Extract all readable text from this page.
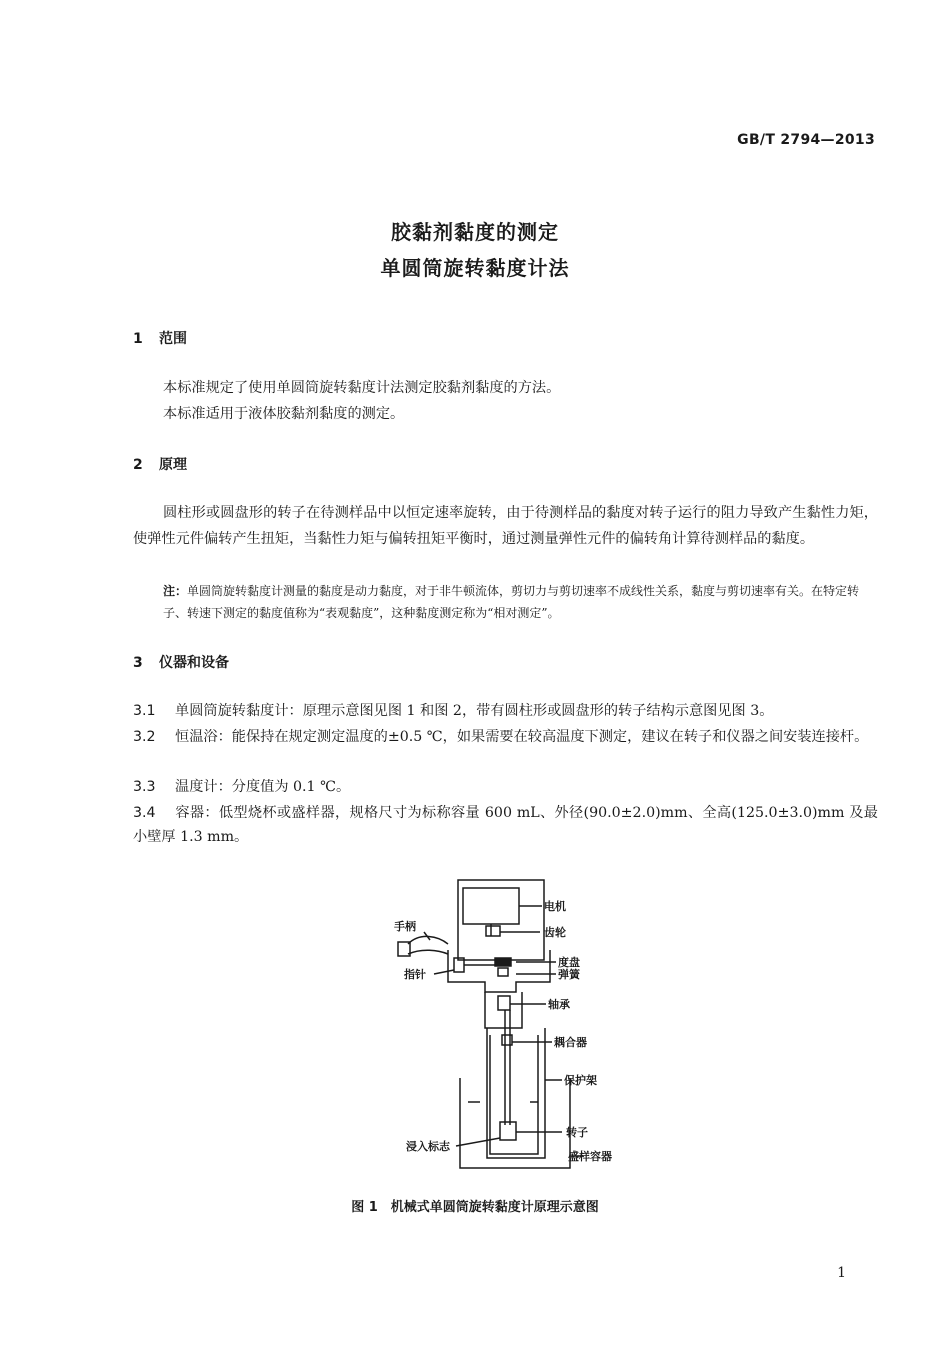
GB/T 2794—2013
胶黏剂黏度的测定
单圆筒旋转黏度计法
1 范围
本标准规定了使用单圆筒旋转黏度计法测定胶黏剂黏度的方法。
本标准适用于液体胶黏剂黏度的测定。
2 原理
圆柱形或圆盘形的转子在待测样品中以恒定速率旋转，由于待测样品的黏度对转子运行的阻力导致产生黏性力矩，使弹性元件偏转产生扭矩，当黏性力矩与偏转扭矩平衡时，通过测量弹性元件的偏转角计算待测样品的黏度。
注：单圆筒旋转黏度计测量的黏度是动力黏度，对于非牛顿流体，剪切力与剪切速率不成线性关系，黏度与剪切速率有关。在特定转子、转速下测定的黏度值称为“表观黏度”，这种黏度测定称为“相对测定”。
3 仪器和设备
3.1 单圆筒旋转黏度计：原理示意图见图 1 和图 2，带有圆柱形或圆盘形的转子结构示意图见图 3。
3.2 恒温浴：能保持在规定测定温度的±0.5 ℃，如果需要在较高温度下测定，建议在转子和仪器之间安装连接杆。
3.3 温度计：分度值为 0.1 ℃。
3.4 容器：低型烧杯或盛样器，规格尺寸为标称容量 600 mL、外径(90.0±2.0)mm、全高(125.0±3.0)mm 及最小壁厚 1.3 mm。
电机
手柄	齿轮
度盘
指针	弹簧
轴承
耦合器
保护架
转子
浸入标志
盛样容器
图 1　机械式单圆筒旋转黏度计原理示意图
1
